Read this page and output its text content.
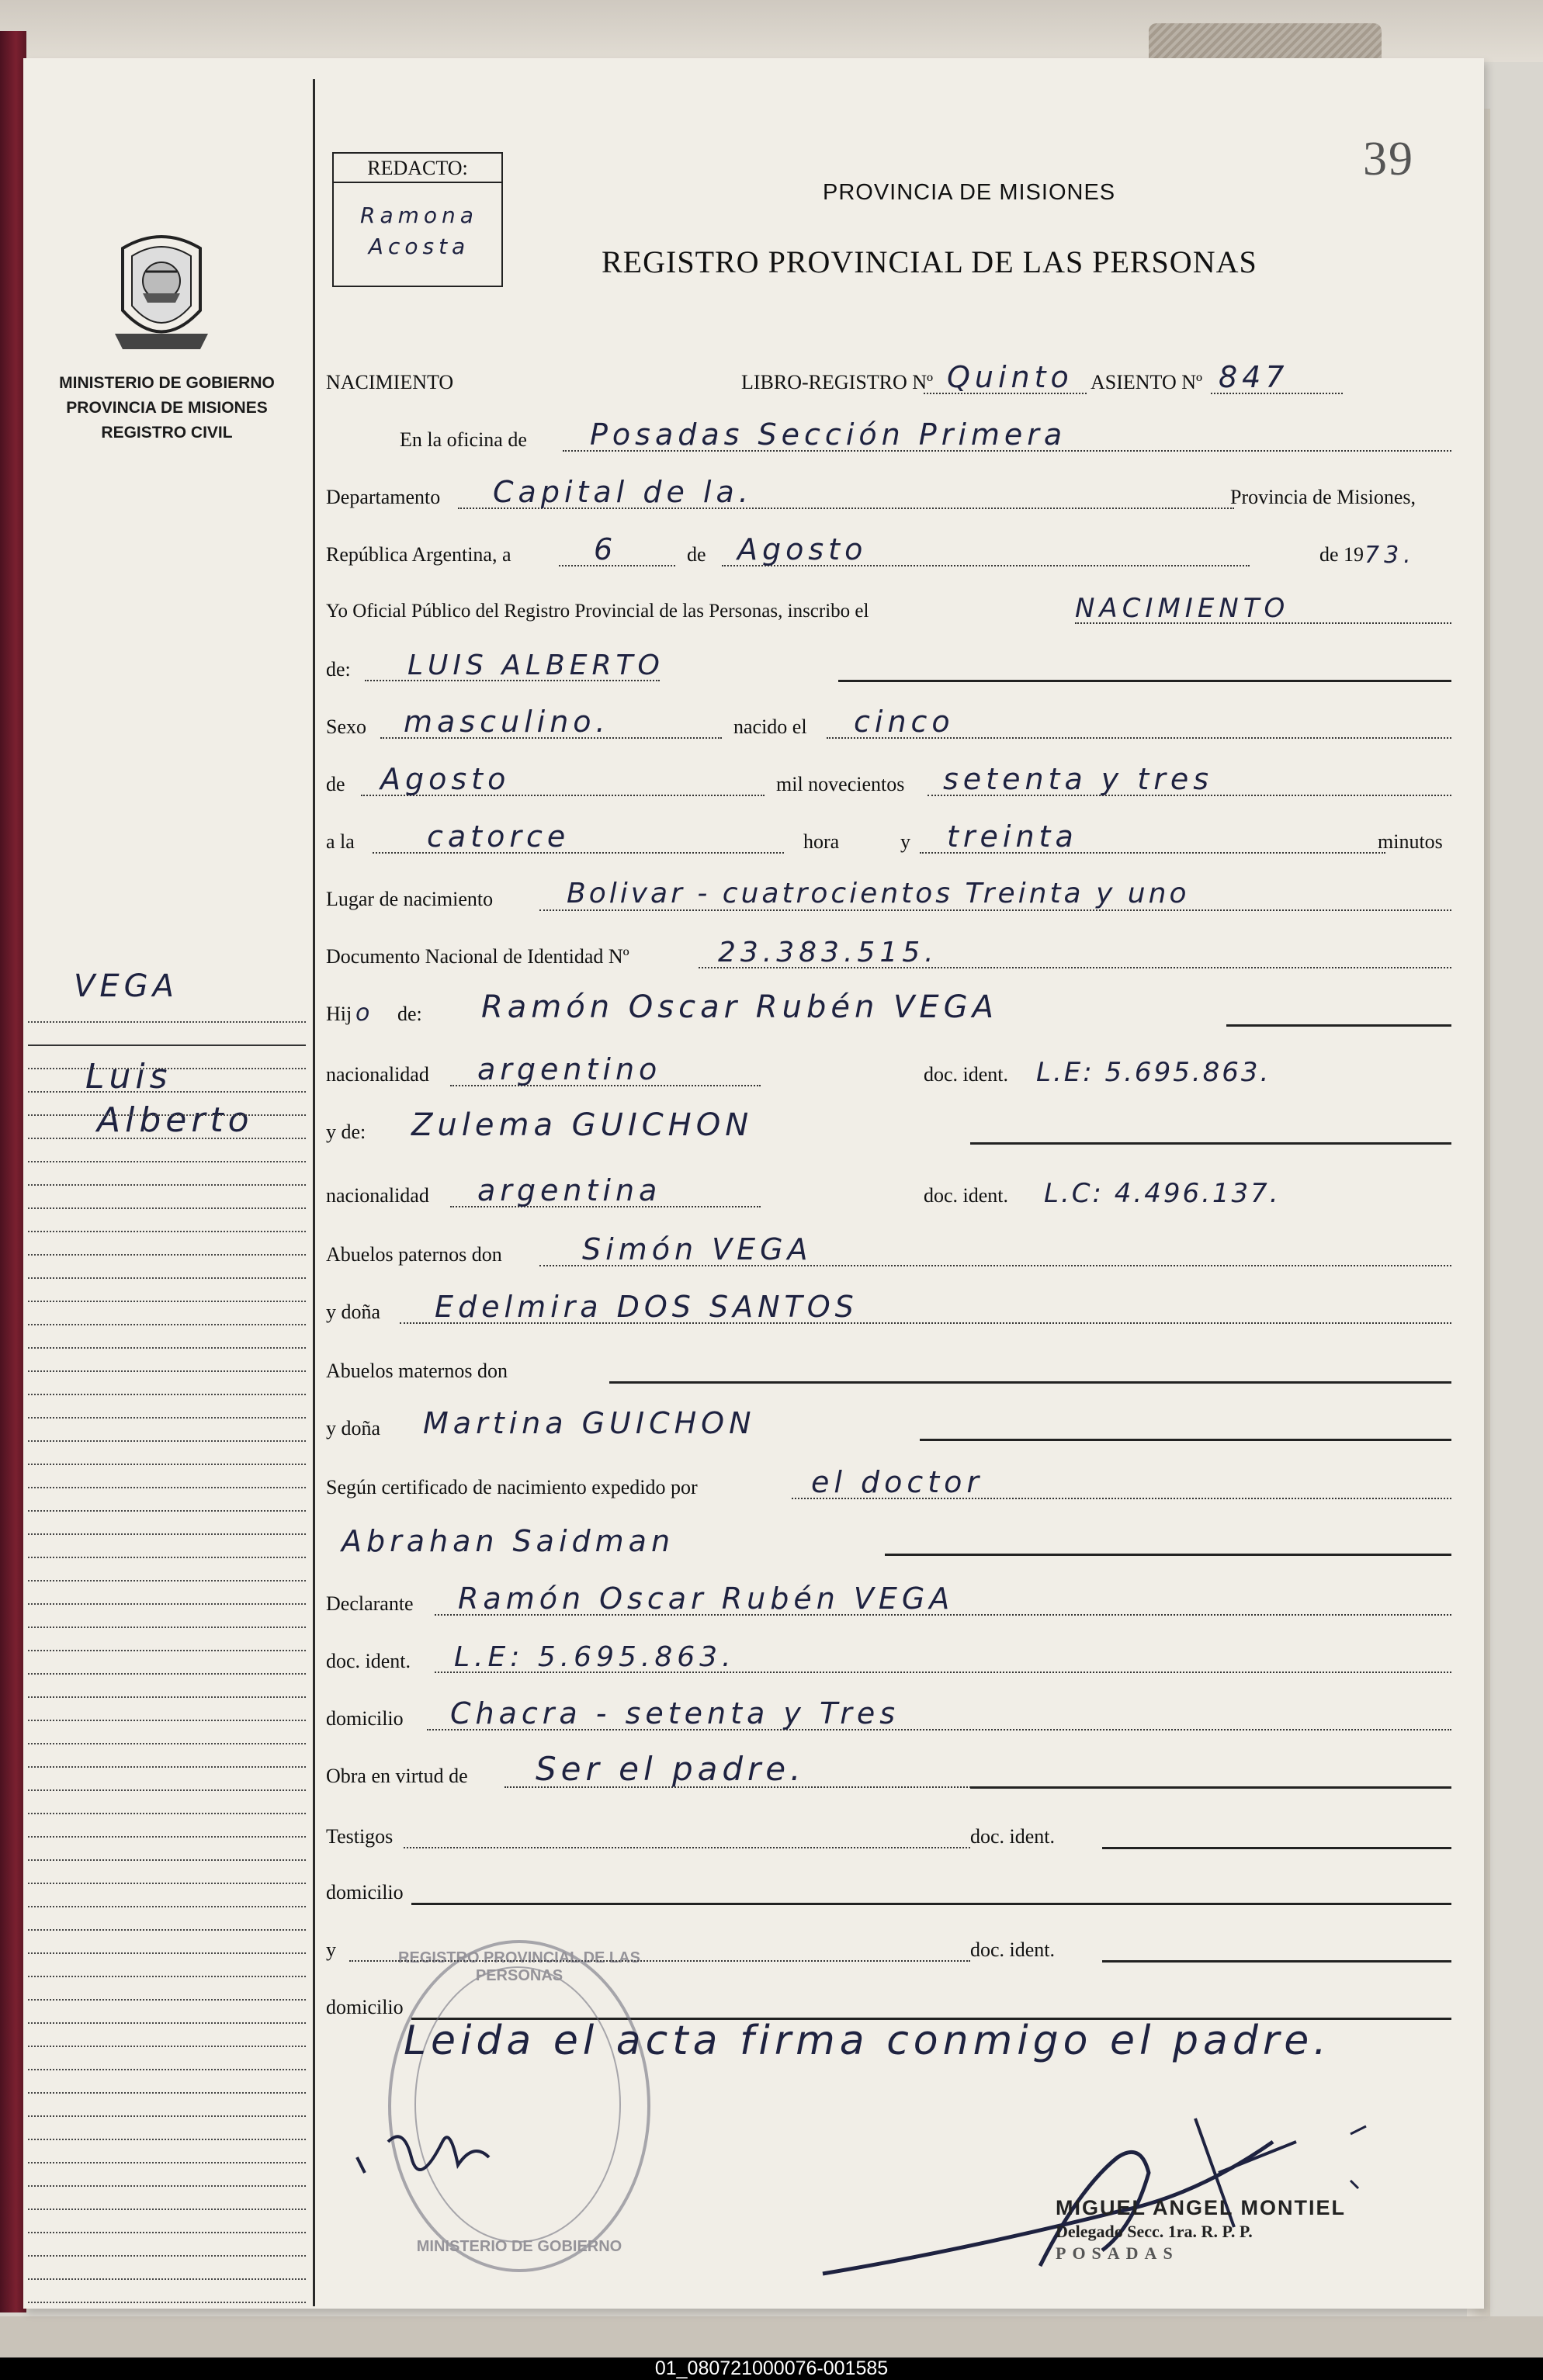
MINISTERIO DE GOBIERNO
PROVINCIA DE MISIONES
REGISTRO CIVIL
VEGA
Luis
Alberto
REDACTO:
Ramona
Acosta
39
PROVINCIA DE MISIONES
REGISTRO PROVINCIAL DE LAS PERSONAS
NACIMIENTO	LIBRO-REGISTRO Nº Quinto ASIENTO Nº 847
En la oficina de Posadas Sección Primera
Departamento Capital de la.	Provincia de Misiones,
República Argentina, a	6	de Agosto	de 19 73.
Yo Oficial Público del Registro Provincial de las Personas, inscribo el	NACIMIENTO
de: LUIS ALBERTO
Sexo masculino.	nacido el cinco
de Agosto	mil novecientos setenta y tres
a la catorce	hora	y treinta	minutos
Lugar de nacimiento	Bolivar - cuatrocientos Treinta y uno
Documento Nacional de Identidad Nº	23.383.515.
Hij o de: Ramón Oscar Rubén VEGA
nacionalidad argentino	doc. ident. L.E: 5.695.863.
y de: Zulema GUICHON
nacionalidad argentina	doc. ident. L.C: 4.496.137.
Abuelos paternos don	Simón VEGA
y doña Edelmira DOS SANTOS
Abuelos maternos don
y doña Martina GUICHON
Según certificado de nacimiento expedido por	el doctor
Abrahan Saidman
Declarante Ramón Oscar Rubén VEGA
doc. ident. L.E: 5.695.863.
domicilio Chacra - setenta y Tres
Obra en virtud de Ser el padre.
Testigos	doc. ident.
domicilio
y	doc. ident.
domicilio
REGISTRO PROVINCIAL DE LAS PERSONAS
MINISTERIO DE GOBIERNO
Leida el acta firma conmigo el padre.
MIGUEL ANGEL MONTIEL
Delegado Secc. 1ra. R. P. P.
POSADAS
01_080721000076-001585
